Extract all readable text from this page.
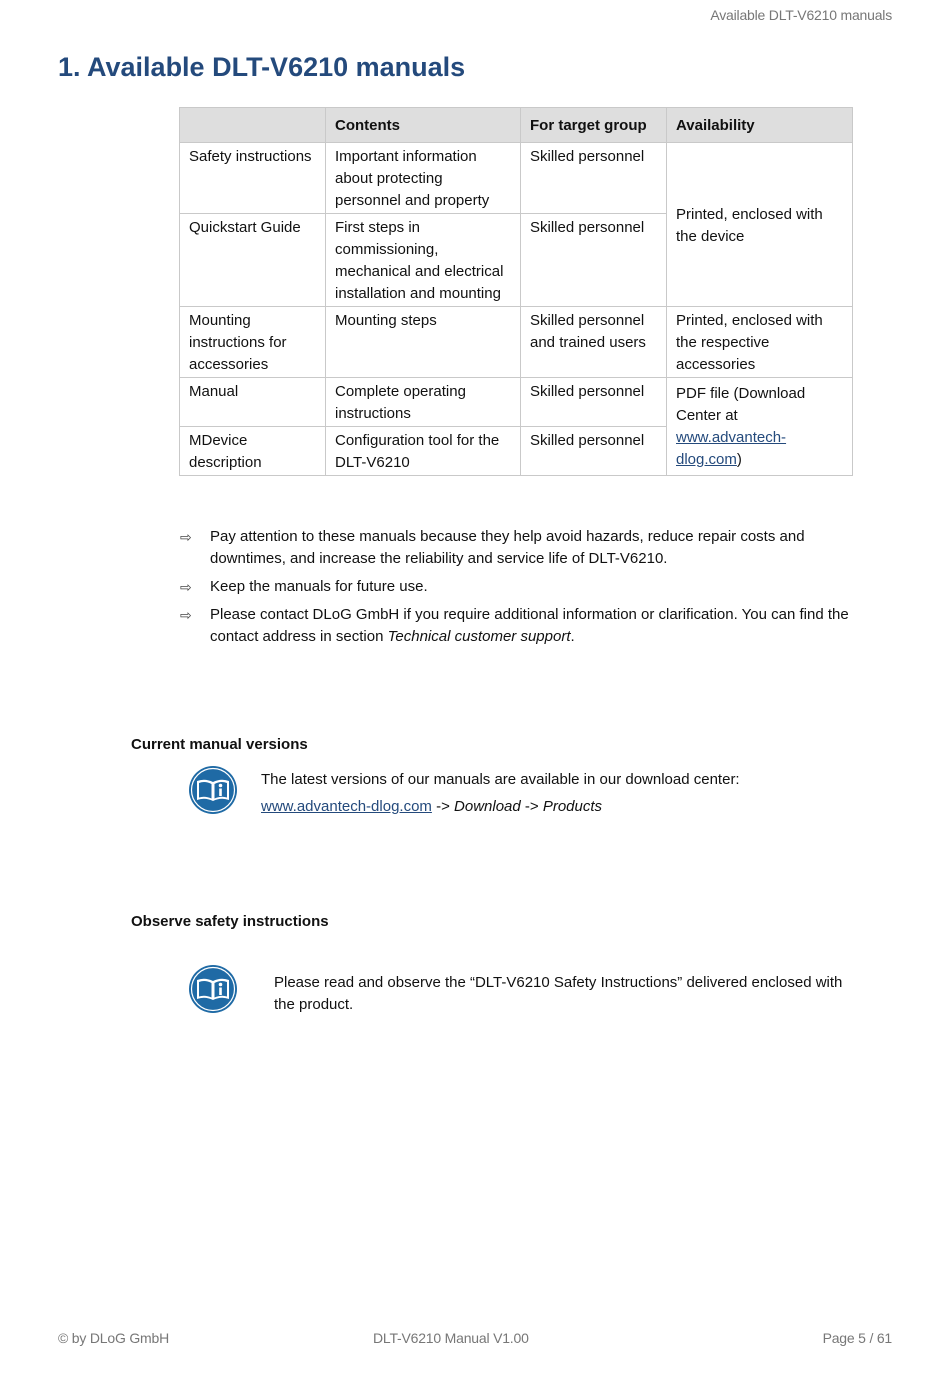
Available DLT-V6210 manuals
1. Available DLT-V6210 manuals
	Contents	For target group	Availability
Safety instructions	Important information about protecting personnel and property	Skilled personnel	Printed, enclosed with the device
Quickstart Guide	First steps in commissioning, mechanical and electrical installation and mounting	Skilled personnel	
Mounting instructions for accessories	Mounting steps	Skilled personnel and trained users	Printed, enclosed with the respective accessories
Manual	Complete operating instructions	Skilled personnel	PDF file (Download Center at www.advantech-dlog.com)
MDevice description	Configuration tool for the DLT-V6210	Skilled personnel	
⇨ Pay attention to these manuals because they help avoid hazards, reduce repair costs and downtimes, and increase the reliability and service life of DLT-V6210.
⇨ Keep the manuals for future use.
⇨ Please contact DLoG GmbH if you require additional information or clarification. You can find the contact address in section Technical customer support.
Current manual versions
The latest versions of our manuals are available in our download center:
www.advantech-dlog.com -> Download -> Products
Observe safety instructions

Please read and observe the “DLT-V6210 Safety Instructions” delivered enclosed with the product.

© by DLoG GmbH	DLT-V6210 Manual V1.00	Page 5 / 61
